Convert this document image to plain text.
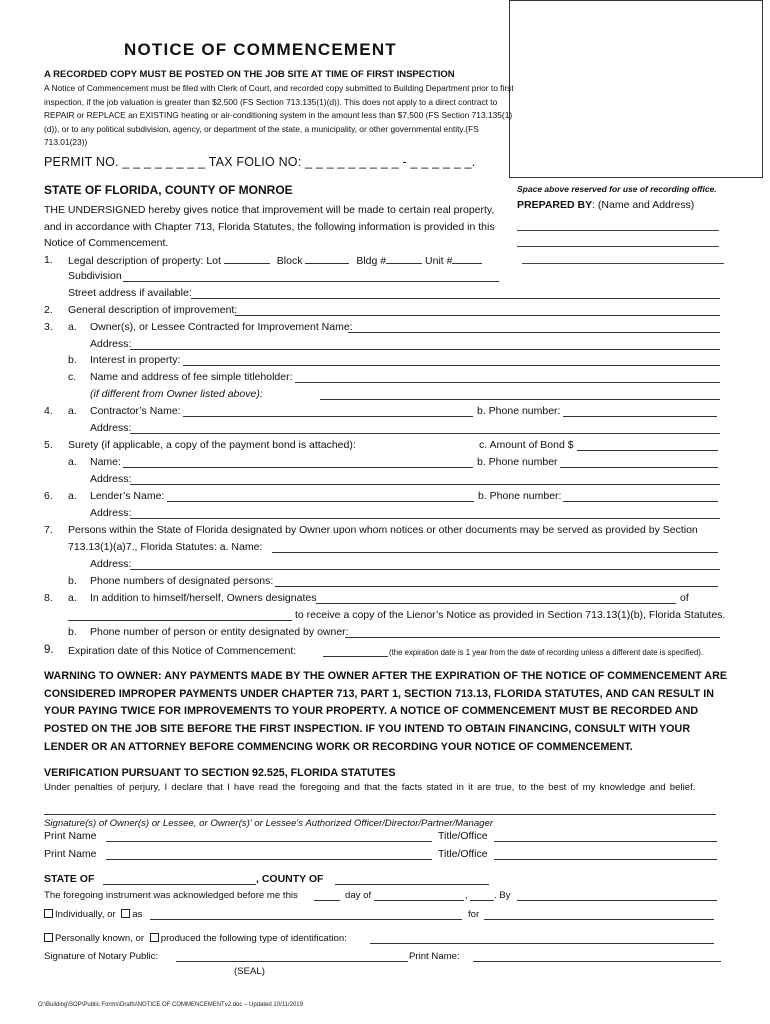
NOTICE OF COMMENCEMENT
A RECORDED COPY MUST BE POSTED ON THE JOB SITE AT TIME OF FIRST INSPECTION
A Notice of Commencement must be filed with Clerk of Court, and recorded copy submitted to Building Department prior to first inspection, if the job valuation is greater than $2,500 (FS Section 713.135(1)(d)). This does not apply to a direct contract to REPAIR or REPLACE an EXISTING heating or air-conditioning system in the amount less than $7,500 (FS Section 713.135(1)(d)), or to any political subdivision, agency, or department of the state, a municipality, or other governmental entity.(FS 713.01(23))
PERMIT NO. _ _ _ _ _ _ _ _ TAX FOLIO NO: _ _ _ _ _ _ _ _ _ - _ _ _ _ _ _.
STATE OF FLORIDA, COUNTY OF MONROE
THE UNDERSIGNED hereby gives notice that improvement will be made to certain real property, and in accordance with Chapter 713, Florida Statutes, the following information is provided in this Notice of Commencement.
Space above reserved for use of recording office.
PREPARED BY: (Name and Address)
1. Legal description of property: Lot	Block	Bldg #	Unit #
Subdivision
Street address if available:
2. General description of improvement:
3. a. Owner(s), or Lessee Contracted for Improvement Name:
Address:
b. Interest in property:
c. Name and address of fee simple titleholder:
(if different from Owner listed above):
4. a. Contractor’s Name:	b. Phone number:
Address:
5. Surety (if applicable, a copy of the payment bond is attached):	c. Amount of Bond $
a. Name:	b. Phone number
Address:
6. a. Lender’s Name:	b. Phone number:
Address:
7. Persons within the State of Florida designated by Owner upon whom notices or other documents may be served as provided by Section
713.13(1)(a)7., Florida Statutes: a. Name:
Address:
b. Phone numbers of designated persons:
8. a. In addition to himself/herself, Owners designates	of
to receive a copy of the Lienor’s Notice as provided in Section 713.13(1)(b), Florida Statutes.
b. Phone number of person or entity designated by owner:
9. Expiration date of this Notice of Commencement:	(the expiration date is 1 year from the date of recording unless a different date is specified).
WARNING TO OWNER: ANY PAYMENTS MADE BY THE OWNER AFTER THE EXPIRATION OF THE NOTICE OF COMMENCEMENT ARE CONSIDERED IMPROPER PAYMENTS UNDER CHAPTER 713, PART 1, SECTION 713.13, FLORIDA STATUTES, AND CAN RESULT IN YOUR PAYING TWICE FOR IMPROVEMENTS TO YOUR PROPERTY. A NOTICE OF COMMENCEMENT MUST BE RECORDED AND POSTED ON THE JOB SITE BEFORE THE FIRST INSPECTION. IF YOU INTEND TO OBTAIN FINANCING, CONSULT WITH YOUR LENDER OR AN ATTORNEY BEFORE COMMENCING WORK OR RECORDING YOUR NOTICE OF COMMENCEMENT.
VERIFICATION PURSUANT TO SECTION 92.525, FLORIDA STATUTES
Under penalties of perjury, I declare that I have read the foregoing and that the facts stated in it are true, to the best of my knowledge and belief.
Signature(s) of Owner(s) or Lessee, or Owner(s)' or Lessee's Authorized Officer/Director/Partner/Manager
Print Name	Title/Office
Print Name	Title/Office
STATE OF	, COUNTY OF
The foregoing instrument was acknowledged before me this	day of	,	. By
Individually, or as	for
Personally known, or produced the following type of identification:
Signature of Notary Public:	Print Name:
(SEAL)
O:\Building\SOP\Public Forms\Drafts\NOTICE OF COMMENCEMENTv2.doc – Updated 10/11/2019
